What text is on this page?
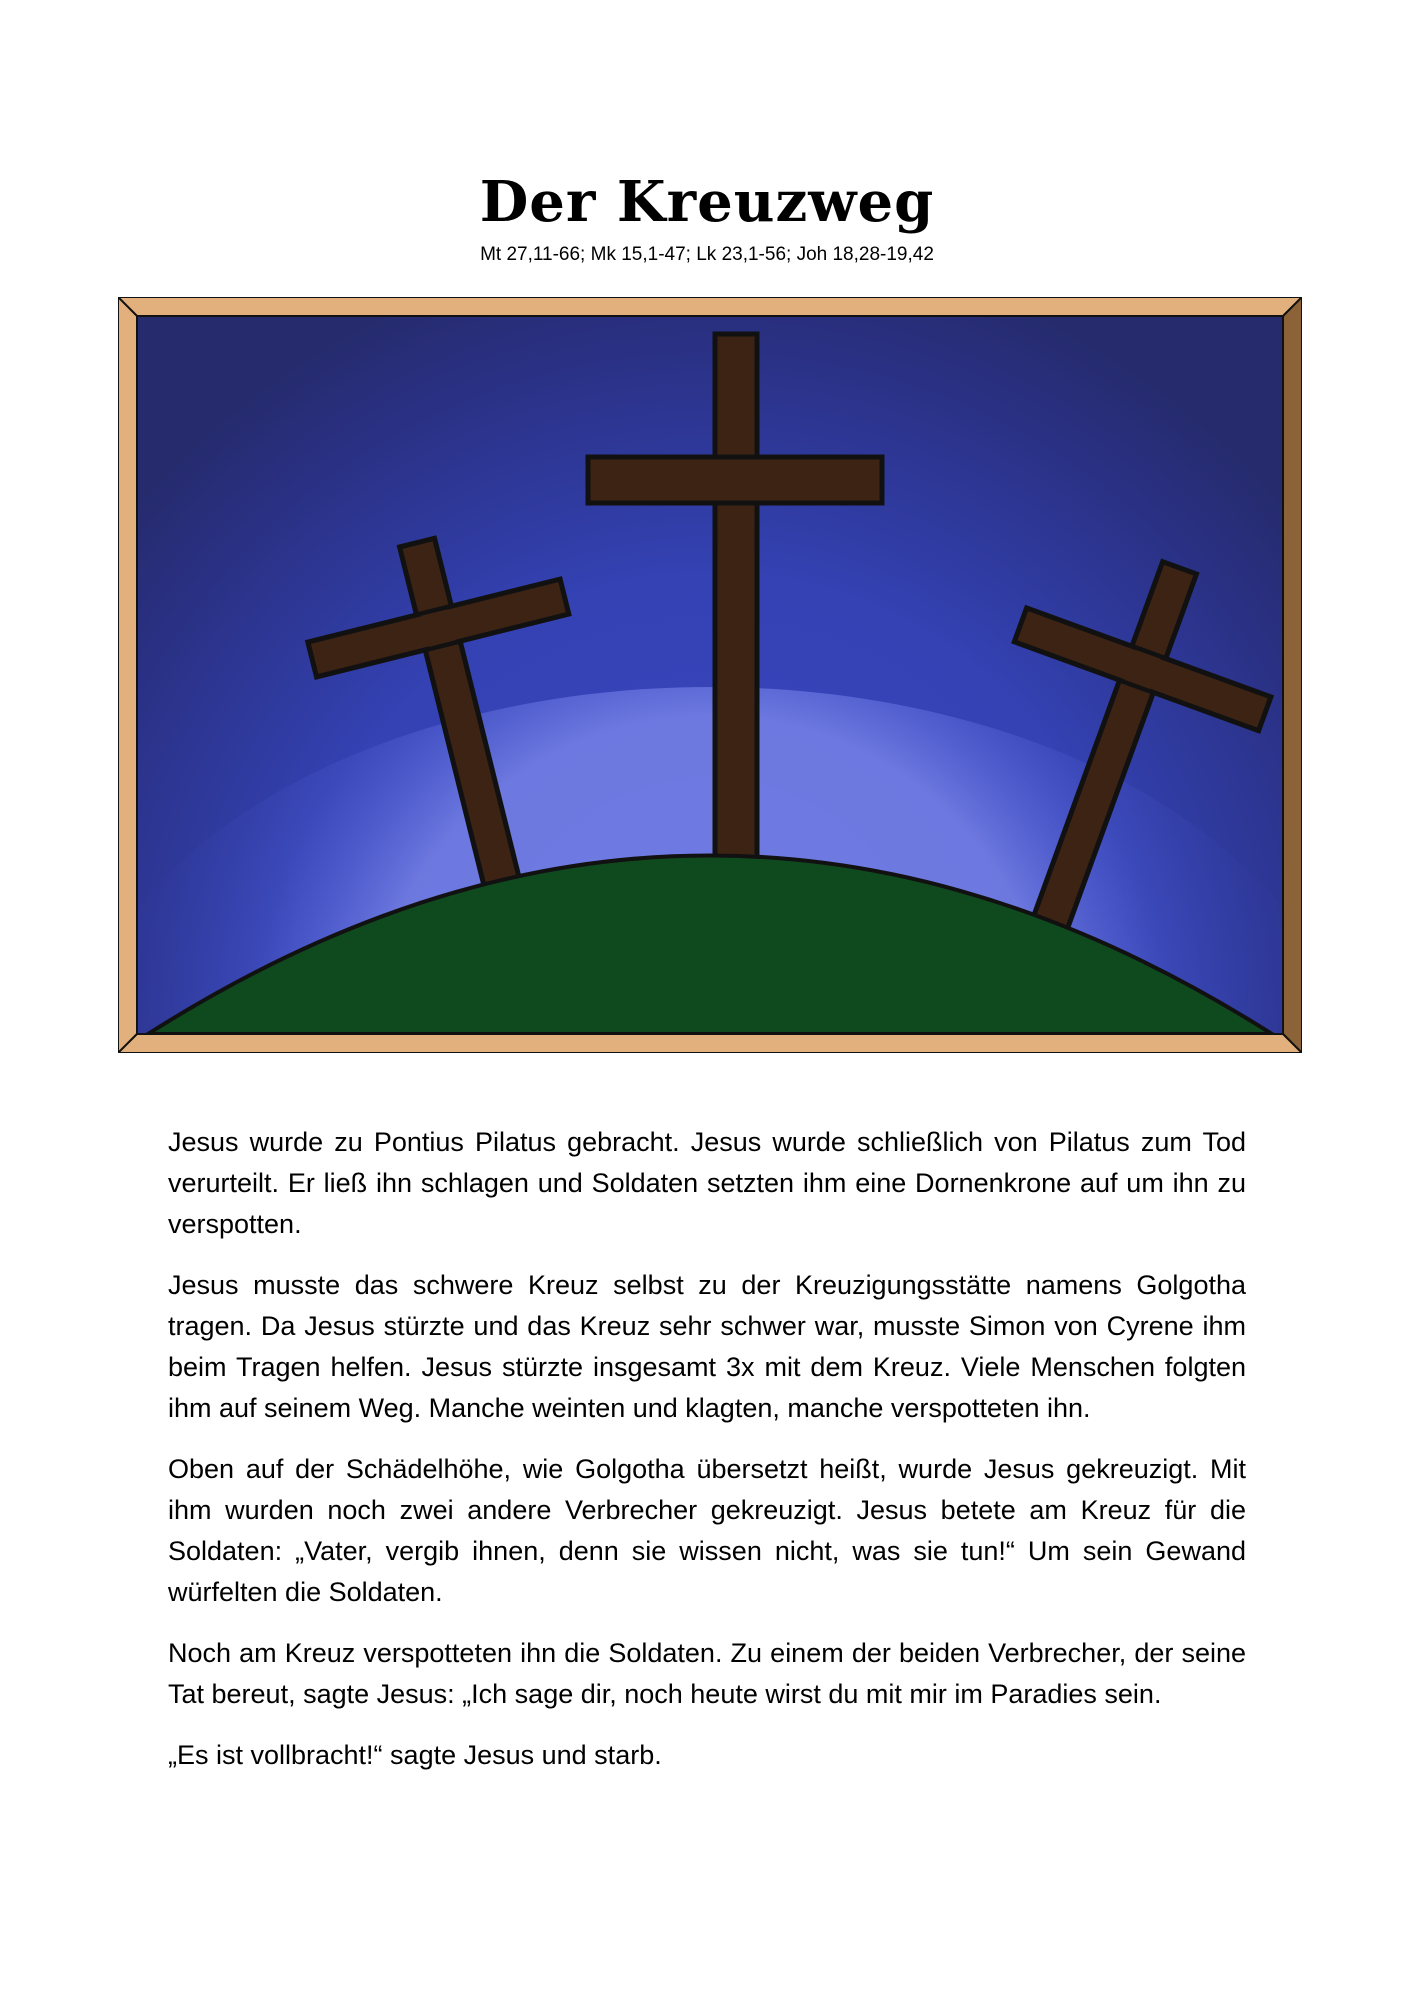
Der Kreuzweg
Mt 27,11-66; Mk 15,1-47; Lk 23,1-56; Joh 18,28-19,42

Jesus wurde zu Pontius Pilatus gebracht. Jesus wurde schließlich von Pilatus zum Tod verurteilt. Er ließ ihn schlagen und Soldaten setzten ihm eine Dornenkrone auf um ihn zu verspotten.

Jesus musste das schwere Kreuz selbst zu der Kreuzigungsstätte namens Golgotha tragen. Da Jesus stürzte und das Kreuz sehr schwer war, musste Simon von Cyrene ihm beim Tragen helfen. Jesus stürzte insgesamt 3x mit dem Kreuz. Viele Menschen folgten ihm auf seinem Weg. Manche weinten und klagten, manche verspotteten ihn.

Oben auf der Schädelhöhe, wie Golgotha übersetzt heißt, wurde Jesus gekreuzigt. Mit ihm wurden noch zwei andere Verbrecher gekreuzigt. Jesus betete am Kreuz für die Soldaten: „Vater, vergib ihnen, denn sie wissen nicht, was sie tun!“ Um sein Gewand würfelten die Soldaten.

Noch am Kreuz verspotteten ihn die Soldaten. Zu einem der beiden Verbrecher, der seine Tat bereut, sagte Jesus: „Ich sage dir, noch heute wirst du mit mir im Paradies sein.

„Es ist vollbracht!“ sagte Jesus und starb.
